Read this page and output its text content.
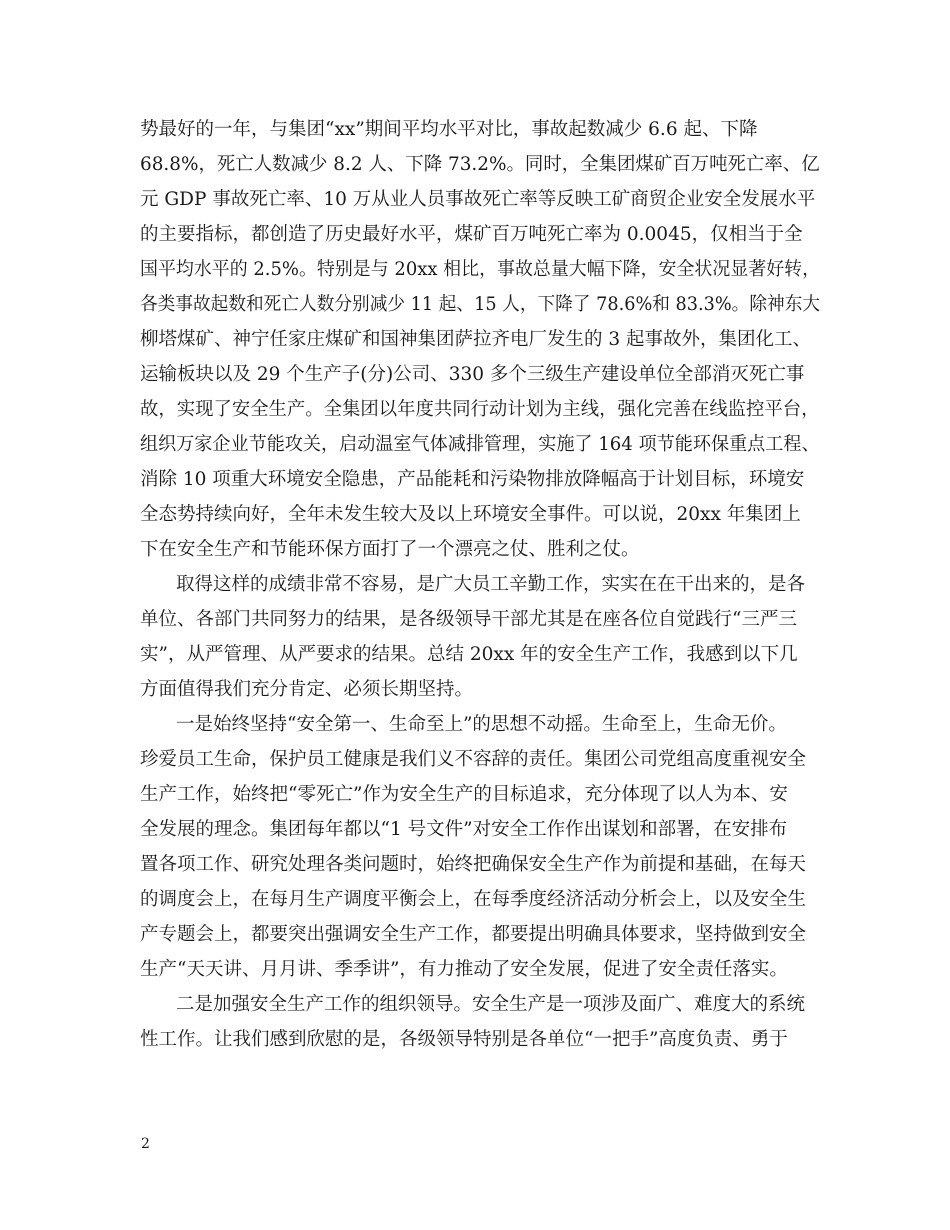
势最好的一年，与集团“xx”期间平均水平对比，事故起数减少 6.6 起、下降
68.8%，死亡人数减少 8.2 人、下降 73.2%。同时，全集团煤矿百万吨死亡率、亿
元 GDP 事故死亡率、10 万从业人员事故死亡率等反映工矿商贸企业安全发展水平
的主要指标，都创造了历史最好水平，煤矿百万吨死亡率为 0.0045，仅相当于全
国平均水平的 2.5%。特别是与 20xx 相比，事故总量大幅下降，安全状况显著好转，
各类事故起数和死亡人数分别减少 11 起、15 人，下降了 78.6%和 83.3%。除神东大
柳塔煤矿、神宁任家庄煤矿和国神集团萨拉齐电厂发生的 3 起事故外，集团化工、
运输板块以及 29 个生产子(分)公司、330 多个三级生产建设单位全部消灭死亡事
故，实现了安全生产。全集团以年度共同行动计划为主线，强化完善在线监控平台，
组织万家企业节能攻关，启动温室气体减排管理，实施了 164 项节能环保重点工程、
消除 10 项重大环境安全隐患，产品能耗和污染物排放降幅高于计划目标，环境安
全态势持续向好，全年未发生较大及以上环境安全事件。可以说，20xx 年集团上
下在安全生产和节能环保方面打了一个漂亮之仗、胜利之仗。
取得这样的成绩非常不容易，是广大员工辛勤工作，实实在在干出来的，是各
单位、各部门共同努力的结果，是各级领导干部尤其是在座各位自觉践行“三严三
实”，从严管理、从严要求的结果。总结 20xx 年的安全生产工作，我感到以下几
方面值得我们充分肯定、必须长期坚持。
一是始终坚持“安全第一、生命至上”的思想不动摇。生命至上，生命无价。
珍爱员工生命，保护员工健康是我们义不容辞的责任。集团公司党组高度重视安全
生产工作，始终把“零死亡”作为安全生产的目标追求，充分体现了以人为本、安
全发展的理念。集团每年都以“1 号文件”对安全工作作出谋划和部署，在安排布
置各项工作、研究处理各类问题时，始终把确保安全生产作为前提和基础，在每天
的调度会上，在每月生产调度平衡会上，在每季度经济活动分析会上，以及安全生
产专题会上，都要突出强调安全生产工作，都要提出明确具体要求，坚持做到安全
生产“天天讲、月月讲、季季讲”，有力推动了安全发展，促进了安全责任落实。
二是加强安全生产工作的组织领导。安全生产是一项涉及面广、难度大的系统
性工作。让我们感到欣慰的是，各级领导特别是各单位“一把手”高度负责、勇于
2
